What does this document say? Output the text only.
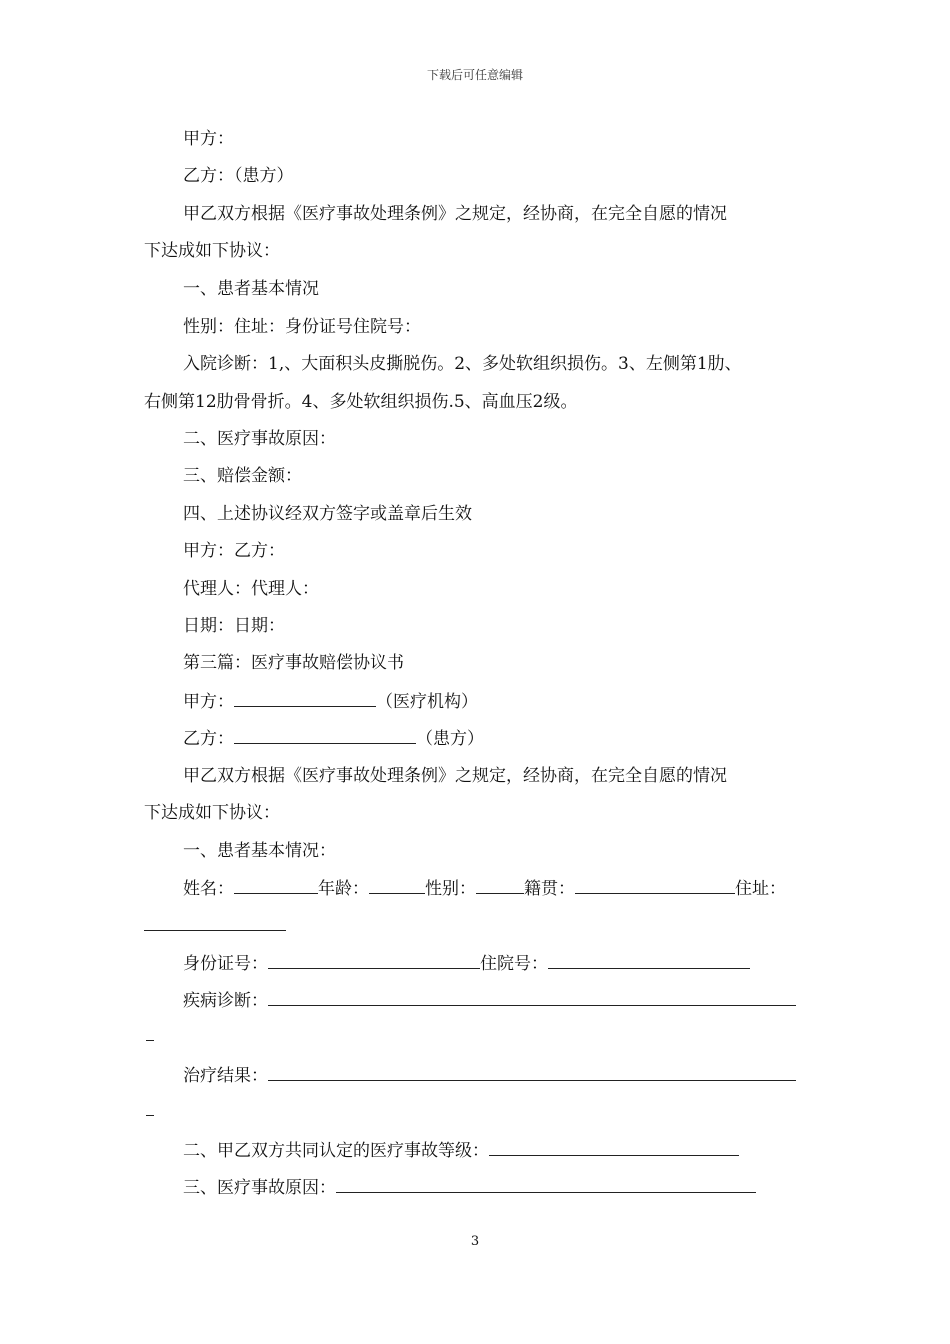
下载后可任意编辑
甲方：
乙方：（患方）
甲乙双方根据《医疗事故处理条例》之规定，经协商，在完全自愿的情况
下达成如下协议：
一、患者基本情况
性别：住址：身份证号住院号：
入院诊断：1,、大面积头皮撕脱伤。2、多处软组织损伤。3、左侧第1肋、
右侧第12肋骨骨折。4、多处软组织损伤.5、高血压2级。
二、医疗事故原因：
三、赔偿金额：
四、上述协议经双方签字或盖章后生效
甲方：乙方：
代理人：代理人：
日期：日期：
第三篇：医疗事故赔偿协议书
甲方：	（医疗机构）
乙方：	（患方）
甲乙双方根据《医疗事故处理条例》之规定，经协商，在完全自愿的情况
下达成如下协议：
一、患者基本情况：
姓名：	年龄：	性别：	籍贯：	住址：
身份证号：	住院号：
疾病诊断：
治疗结果：
二、甲乙双方共同认定的医疗事故等级：
三、医疗事故原因：
3
